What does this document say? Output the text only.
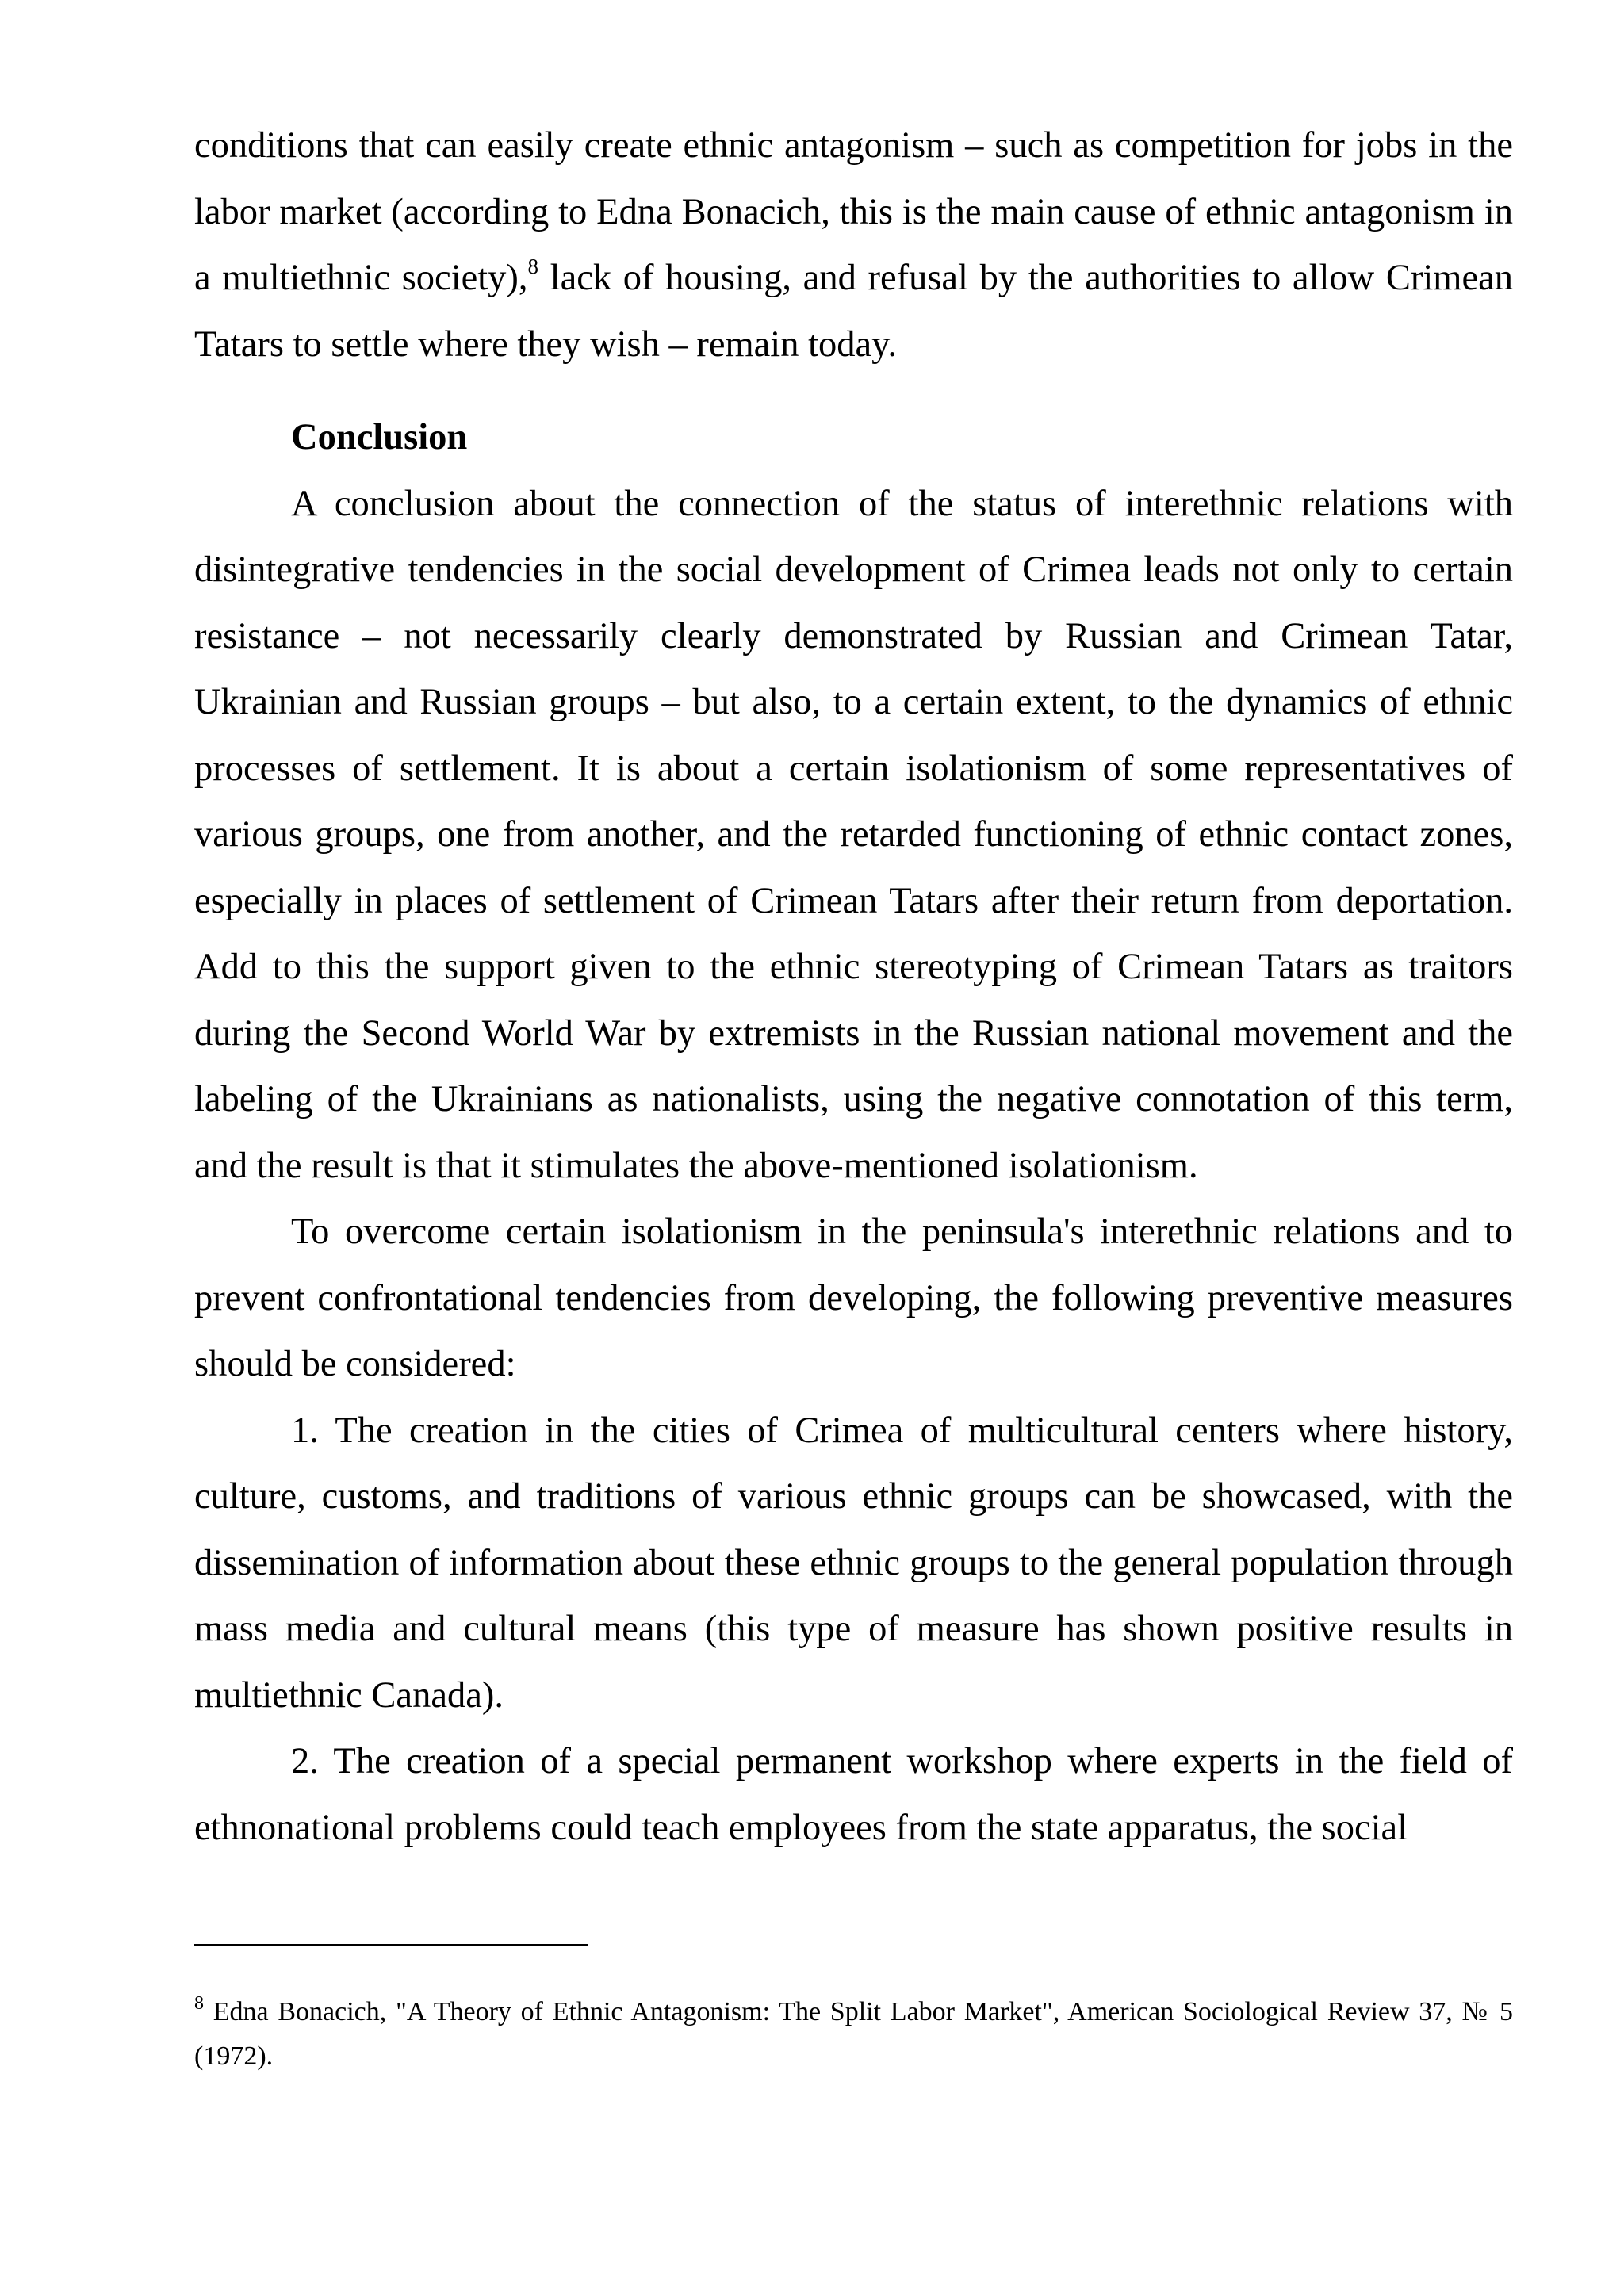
conditions that can easily create ethnic antagonism – such as competition for jobs in the labor market (according to Edna Bonacich, this is the main cause of ethnic antagonism in a multiethnic society),$^8$ lack of housing, and refusal by the authorities to allow Crimean Tatars to settle where they wish – remain today.

Conclusion

A conclusion about the connection of the status of interethnic relations with disintegrative tendencies in the social development of Crimea leads not only to certain resistance – not necessarily clearly demonstrated by Russian and Crimean Tatar, Ukrainian and Russian groups – but also, to a certain extent, to the dynamics of ethnic processes of settlement. It is about a certain isolationism of some representatives of various groups, one from another, and the retarded functioning of ethnic contact zones, especially in places of settlement of Crimean Tatars after their return from deportation. Add to this the support given to the ethnic stereotyping of Crimean Tatars as traitors during the Second World War by extremists in the Russian national movement and the labeling of the Ukrainians as nationalists, using the negative connotation of this term, and the result is that it stimulates the above-mentioned isolationism.

To overcome certain isolationism in the peninsula's interethnic relations and to prevent confrontational tendencies from developing, the following preventive measures should be considered:

1. The creation in the cities of Crimea of multicultural centers where history, culture, customs, and traditions of various ethnic groups can be showcased, with the dissemination of information about these ethnic groups to the general population through mass media and cultural means (this type of measure has shown positive results in multiethnic Canada).

2. The creation of a special permanent workshop where experts in the field of ethnonational problems could teach employees from the state apparatus, the social

$^8$ Edna Bonacich, "A Theory of Ethnic Antagonism: The Split Labor Market", American Sociological Review 37, № 5 (1972).
